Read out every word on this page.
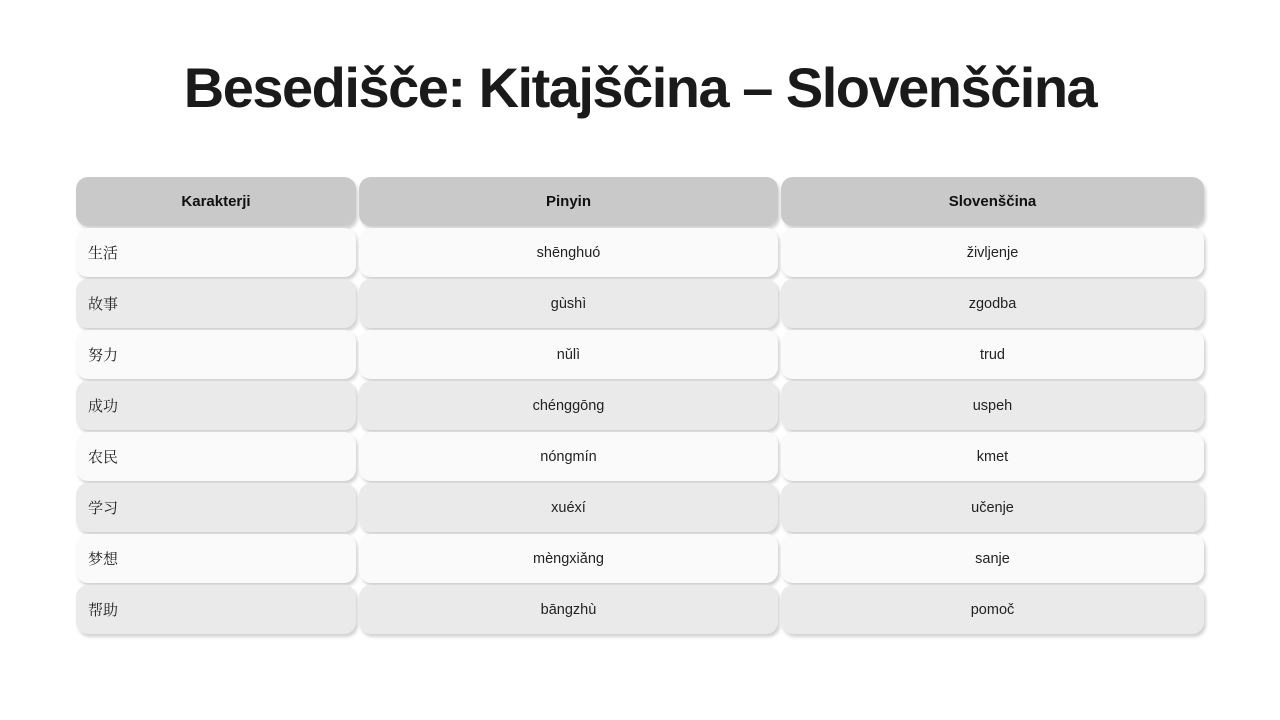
Besedišče: Kitajščina – Slovenščina
Karakterji	Pinyin	Slovenščina
生活	shēnghuó	življenje
故事	gùshì	zgodba
努力	nǔlì	trud
成功	chénggōng	uspeh
农民	nóngmín	kmet
学习	xuéxí	učenje
梦想	mèngxiǎng	sanje
帮助	bāngzhù	pomoč
